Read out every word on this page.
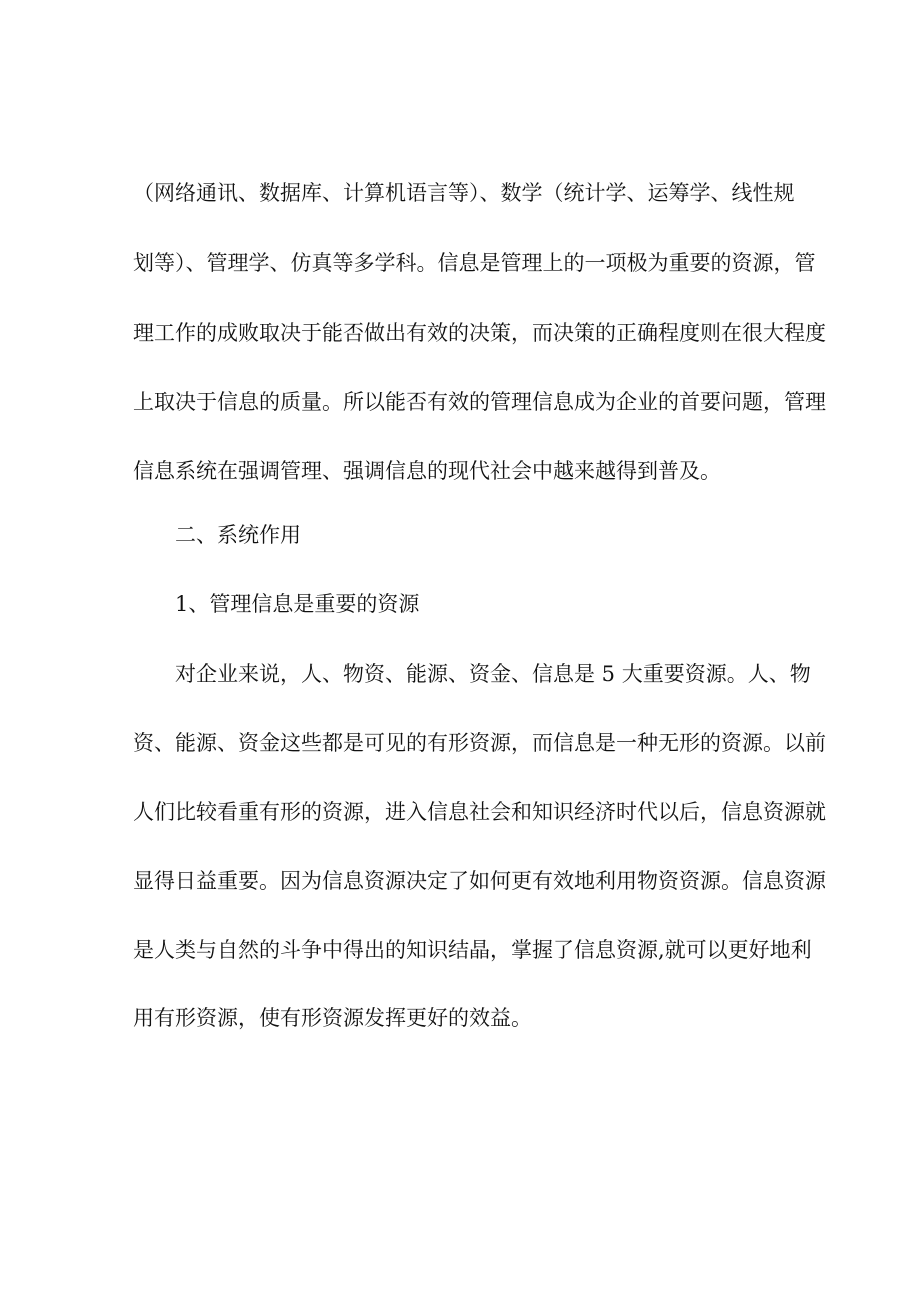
（网络通讯、数据库、计算机语言等）、数学（统计学、运筹学、线性规
划等）、管理学、仿真等多学科。信息是管理上的一项极为重要的资源，管
理工作的成败取决于能否做出有效的决策，而决策的正确程度则在很大程度
上取决于信息的质量。所以能否有效的管理信息成为企业的首要问题，管理
信息系统在强调管理、强调信息的现代社会中越来越得到普及。
二、系统作用
1、管理信息是重要的资源
对企业来说，人、物资、能源、资金、信息是 5 大重要资源。人、物
资、能源、资金这些都是可见的有形资源，而信息是一种无形的资源。以前
人们比较看重有形的资源，进入信息社会和知识经济时代以后，信息资源就
显得日益重要。因为信息资源决定了如何更有效地利用物资资源。信息资源
是人类与自然的斗争中得出的知识结晶，掌握了信息资源,就可以更好地利
用有形资源，使有形资源发挥更好的效益。
